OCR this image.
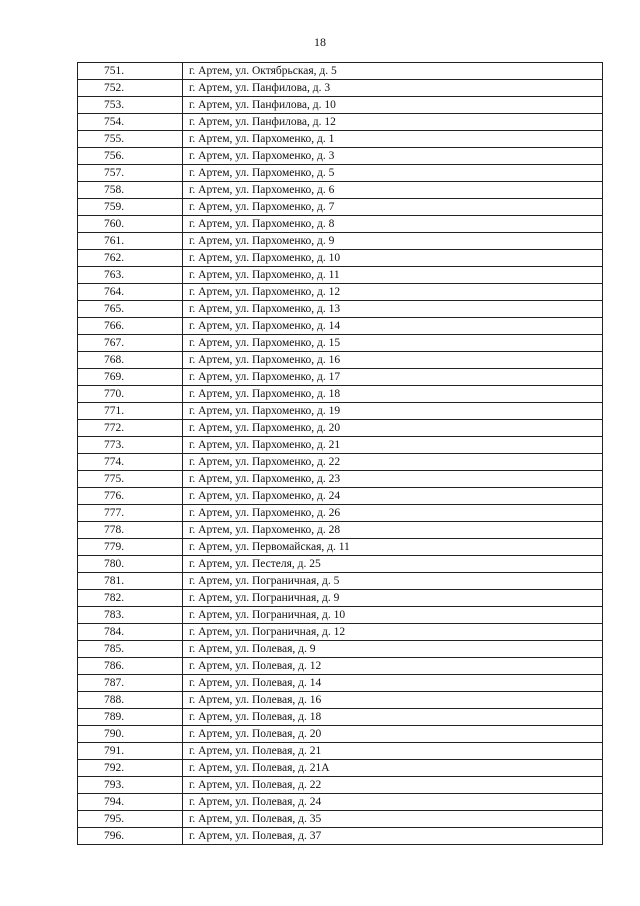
18
751.	г. Артем, ул. Октябрьская, д. 5
752.	г. Артем, ул. Панфилова, д. 3
753.	г. Артем, ул. Панфилова, д. 10
754.	г. Артем, ул. Панфилова, д. 12
755.	г. Артем, ул. Пархоменко, д. 1
756.	г. Артем, ул. Пархоменко, д. 3
757.	г. Артем, ул. Пархоменко, д. 5
758.	г. Артем, ул. Пархоменко, д. 6
759.	г. Артем, ул. Пархоменко, д. 7
760.	г. Артем, ул. Пархоменко, д. 8
761.	г. Артем, ул. Пархоменко, д. 9
762.	г. Артем, ул. Пархоменко, д. 10
763.	г. Артем, ул. Пархоменко, д. 11
764.	г. Артем, ул. Пархоменко, д. 12
765.	г. Артем, ул. Пархоменко, д. 13
766.	г. Артем, ул. Пархоменко, д. 14
767.	г. Артем, ул. Пархоменко, д. 15
768.	г. Артем, ул. Пархоменко, д. 16
769.	г. Артем, ул. Пархоменко, д. 17
770.	г. Артем, ул. Пархоменко, д. 18
771.	г. Артем, ул. Пархоменко, д. 19
772.	г. Артем, ул. Пархоменко, д. 20
773.	г. Артем, ул. Пархоменко, д. 21
774.	г. Артем, ул. Пархоменко, д. 22
775.	г. Артем, ул. Пархоменко, д. 23
776.	г. Артем, ул. Пархоменко, д. 24
777.	г. Артем, ул. Пархоменко, д. 26
778.	г. Артем, ул. Пархоменко, д. 28
779.	г. Артем, ул. Первомайская, д. 11
780.	г. Артем, ул. Пестеля, д. 25
781.	г. Артем, ул. Пограничная, д. 5
782.	г. Артем, ул. Пограничная, д. 9
783.	г. Артем, ул. Пограничная, д. 10
784.	г. Артем, ул. Пограничная, д. 12
785.	г. Артем, ул. Полевая, д. 9
786.	г. Артем, ул. Полевая, д. 12
787.	г. Артем, ул. Полевая, д. 14
788.	г. Артем, ул. Полевая, д. 16
789.	г. Артем, ул. Полевая, д. 18
790.	г. Артем, ул. Полевая, д. 20
791.	г. Артем, ул. Полевая, д. 21
792.	г. Артем, ул. Полевая, д. 21А
793.	г. Артем, ул. Полевая, д. 22
794.	г. Артем, ул. Полевая, д. 24
795.	г. Артем, ул. Полевая, д. 35
796.	г. Артем, ул. Полевая, д. 37
